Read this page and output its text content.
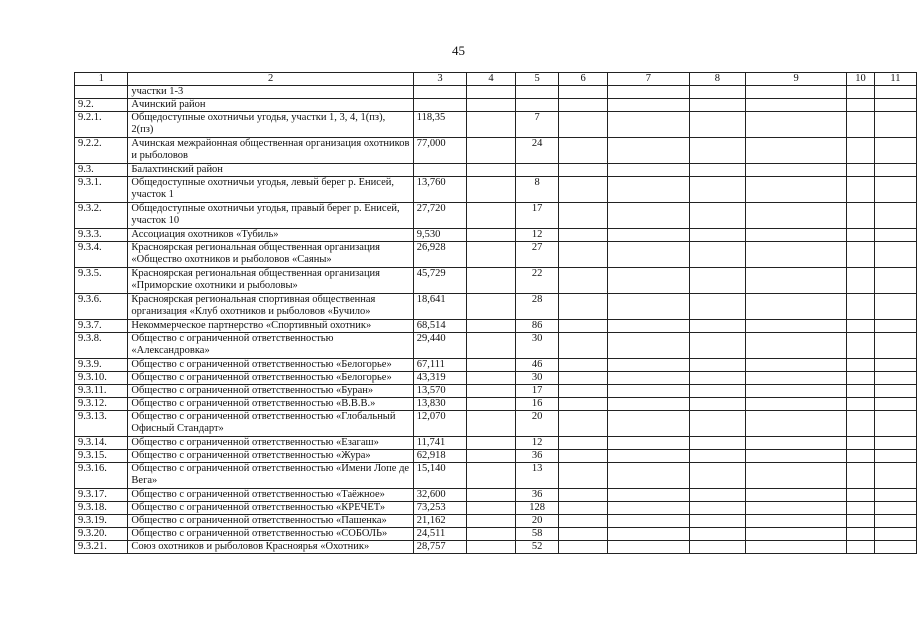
45
1	2	3	4	5	6	7	8	9	10	11
	участки 1-3									
9.2.	Ачинский район									
9.2.1.	Общедоступные охотничьи угодья, участки 1, 3, 4, 1(пз), 2(пз)	118,35		7						
9.2.2.	Ачинская межрайонная общественная организация охотников и рыболовов	77,000		24						
9.3.	Балахтинский район									
9.3.1.	Общедоступные охотничьи угодья, левый берег р. Енисей, участок 1	13,760		8						
9.3.2.	Общедоступные охотничьи угодья, правый берег р. Енисей, участок 10	27,720		17						
9.3.3.	Ассоциация охотников «Тубиль»	9,530		12						
9.3.4.	Красноярская региональная общественная организация «Общество охотников и рыболовов «Саяны»	26,928		27						
9.3.5.	Красноярская региональная общественная организация «Приморские охотники и рыболовы»	45,729		22						
9.3.6.	Красноярская региональная спортивная общественная организация «Клуб охотников и рыболовов «Бучило»	18,641		28						
9.3.7.	Некоммерческое партнерство «Спортивный охотник»	68,514		86						
9.3.8.	Общество с ограниченной ответственностью «Александровка»	29,440		30						
9.3.9.	Общество с ограниченной ответственностью «Белогорье»	67,111		46						
9.3.10.	Общество с ограниченной ответственностью «Белогорье»	43,319		30						
9.3.11.	Общество с ограниченной ответственностью «Буран»	13,570		17						
9.3.12.	Общество с ограниченной ответственностью «В.В.В.»	13,830		16						
9.3.13.	Общество с ограниченной ответственностью «Глобальный Офисный Стандарт»	12,070		20						
9.3.14.	Общество с ограниченной ответственностью «Езагаш»	11,741		12						
9.3.15.	Общество с ограниченной ответственностью «Жура»	62,918		36						
9.3.16.	Общество с ограниченной ответственностью «Имени Лопе де Вега»	15,140		13						
9.3.17.	Общество с ограниченной ответственностью «Таёжное»	32,600		36						
9.3.18.	Общество с ограниченной ответственностью «КРЕЧЕТ»	73,253		128						
9.3.19.	Общество с ограниченной ответственностью «Пашенка»	21,162		20						
9.3.20.	Общество с ограниченной ответственностью «СОБОЛЬ»	24,511		58						
9.3.21.	Союз охотников и рыболовов Красноярья «Охотник»	28,757		52						
